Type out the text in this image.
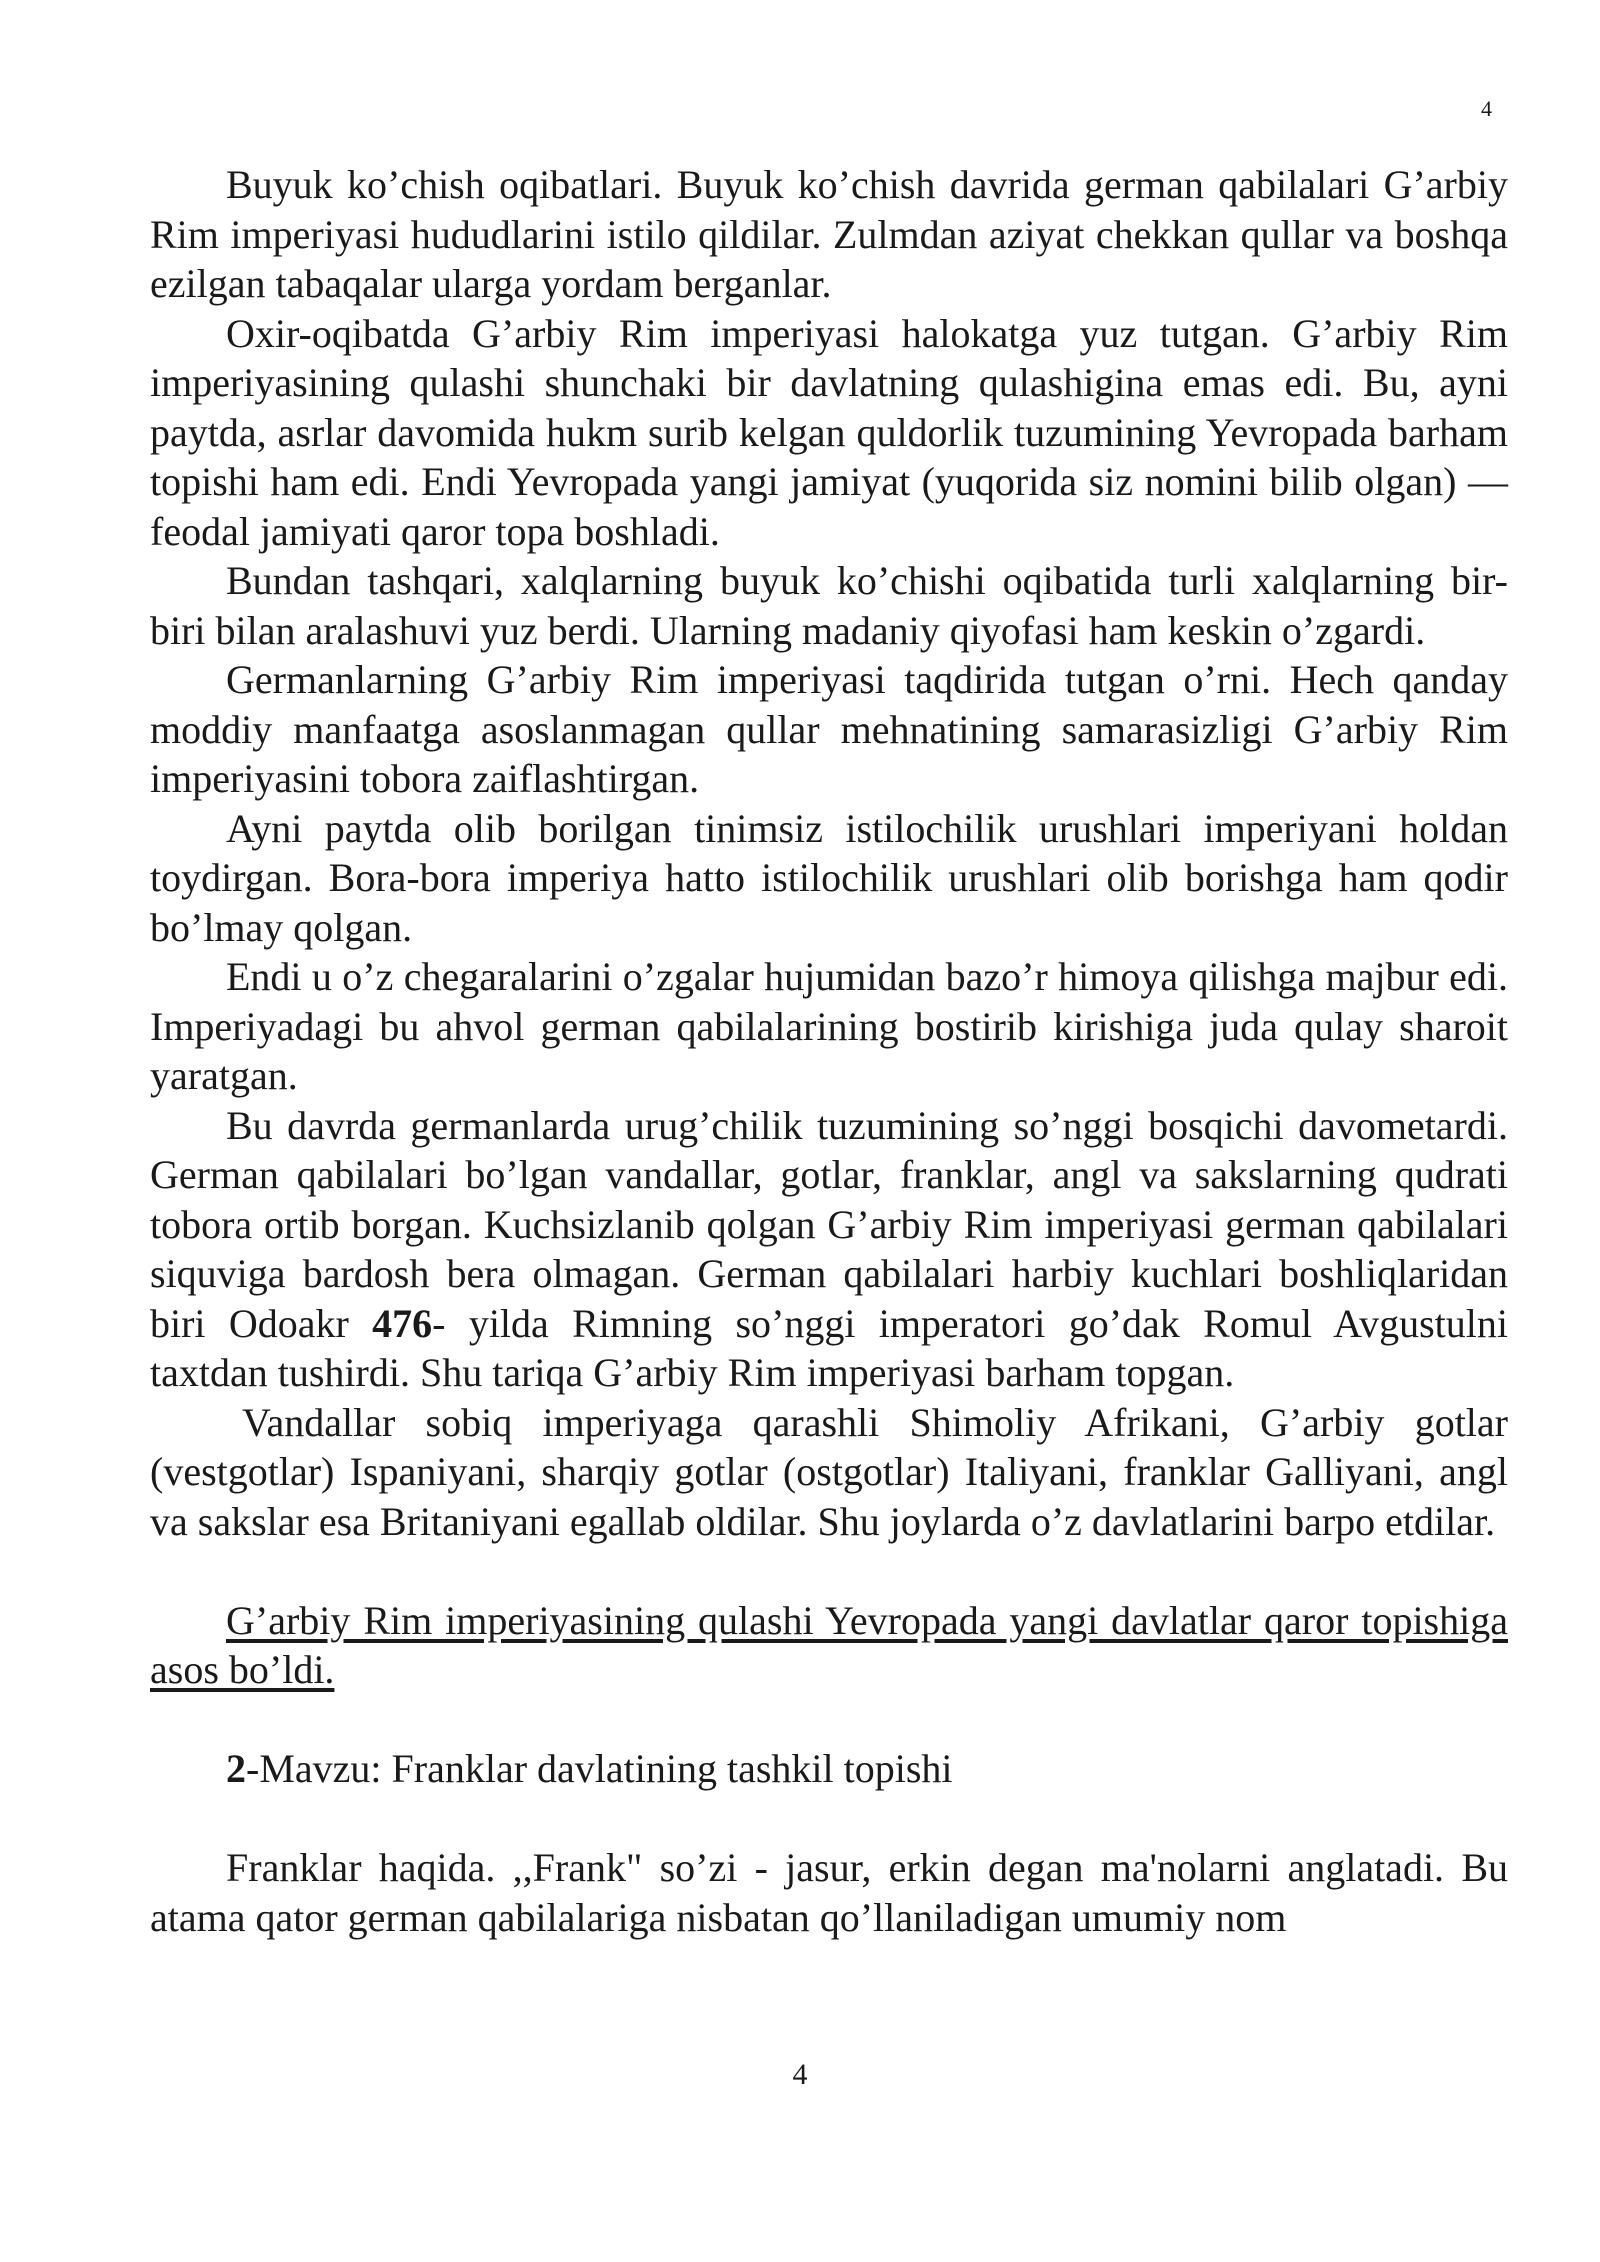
4

Buyuk ko’chish oqibatlari. Buyuk ko’chish davrida german qabilalari G’arbiy Rim imperiyasi hududlarini istilo qildilar. Zulmdan aziyat chekkan qullar va boshqa ezilgan tabaqalar ularga yordam berganlar.

Oxir-oqibatda G’arbiy Rim imperiyasi halokatga yuz tutgan. G’arbiy Rim imperiyasining qulashi shunchaki bir davlatning qulashigina emas edi. Bu, ayni paytda, asrlar davomida hukm surib kelgan quldorlik tuzumining Yevropada barham topishi ham edi. Endi Yevropada yangi jamiyat (yuqorida siz nomini bilib olgan) — feodal jamiyati qaror topa boshladi.

Bundan tashqari, xalqlarning buyuk ko’chishi oqibatida turli xalqlarning bir-biri bilan aralashuvi yuz berdi. Ularning madaniy qiyofasi ham keskin o’zgardi.

Germanlarning G’arbiy Rim imperiyasi taqdirida tutgan o’rni. Hech qanday moddiy manfaatga asoslanmagan qullar mehnatining samarasizligi G’arbiy Rim imperiyasini tobora zaiflashtirgan.

Ayni paytda olib borilgan tinimsiz istilochilik urushlari imperiyani holdan toydirgan. Bora-bora imperiya hatto istilochilik urushlari olib borishga ham qodir bo’lmay qolgan.

Endi u o’z chegaralarini o’zgalar hujumidan bazo’r himoya qilishga majbur edi. Imperiyadagi bu ahvol german qabilalarining bostirib kirishiga juda qulay sharoit yaratgan.

Bu davrda germanlarda urug’chilik tuzumining so’nggi bosqichi davometardi. German qabilalari bo’lgan vandallar, gotlar, franklar, angl va sakslarning qudrati tobora ortib borgan. Kuchsizlanib qolgan G’arbiy Rim imperiyasi german qabilalari siquviga bardosh bera olmagan. German qabilalari harbiy kuchlari boshliqlaridan biri Odoakr 476- yilda Rimning so’nggi imperatori go’dak Romul Avgustulni taxtdan tushirdi. Shu tariqa G’arbiy Rim imperiyasi barham topgan.

Vandallar sobiq imperiyaga qarashli Shimoliy Afrikani, G’arbiy gotlar (vestgotlar) Ispaniyani, sharqiy gotlar (ostgotlar) Italiyani, franklar Galliyani, angl va sakslar esa Britaniyani egallab oldilar. Shu joylarda o’z davlatlarini barpo etdilar.

G’arbiy Rim imperiyasining qulashi Yevropada yangi davlatlar qaror topishiga asos bo’ldi.

2-Mavzu: Franklar davlatining tashkil topishi

Franklar haqida. ,,Frank" so’zi - jasur, erkin degan ma'nolarni anglatadi. Bu atama qator german qabilalariga nisbatan qo’llaniladigan umumiy nom

4
